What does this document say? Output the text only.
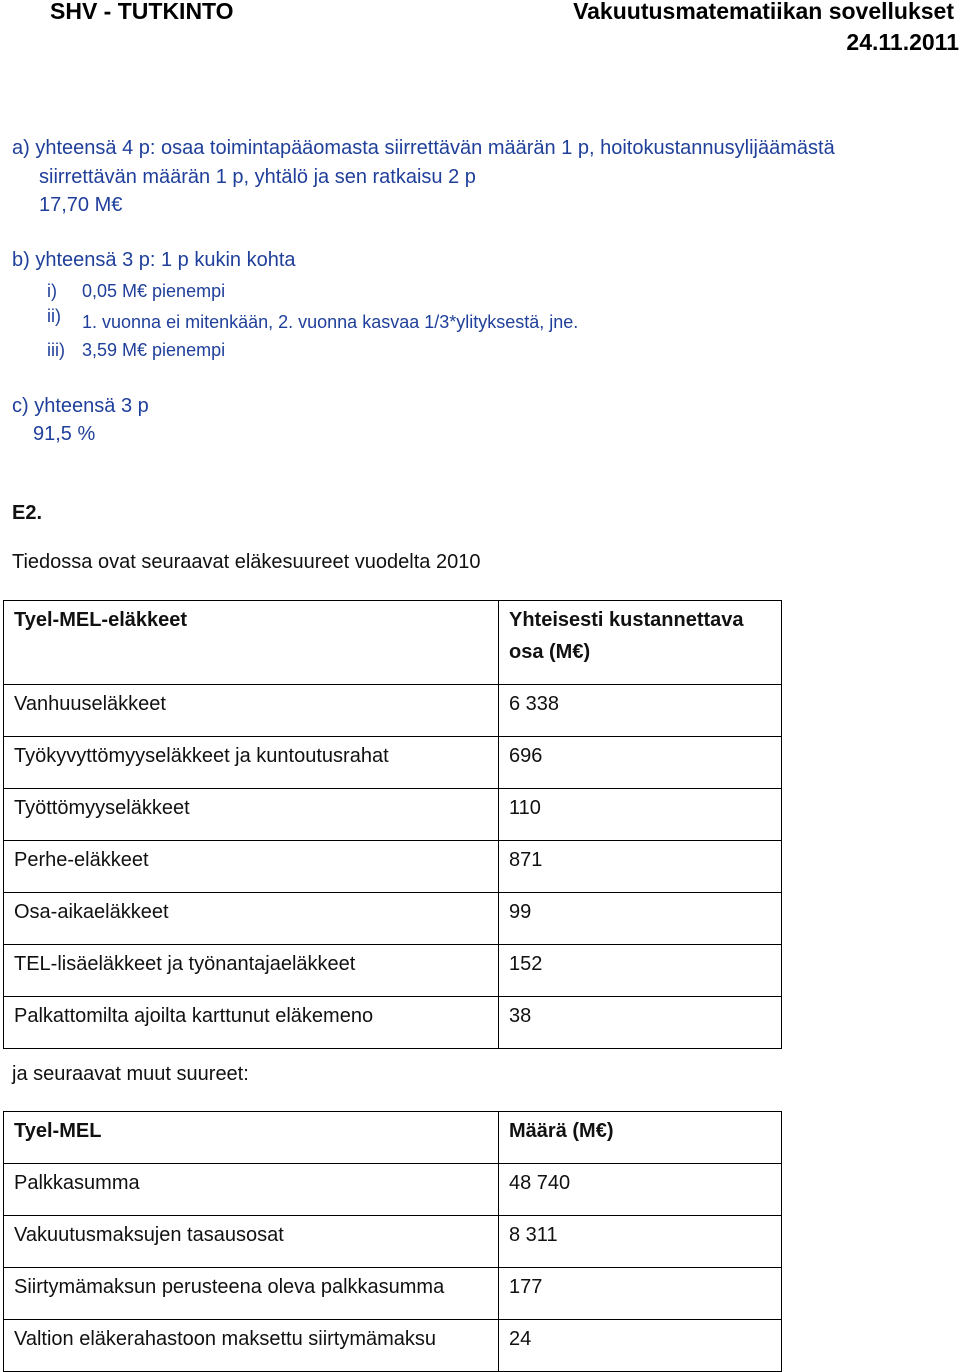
SHV - TUTKINTO	Vakuutusmatematiikan sovellukset
24.11.2011
a) yhteensä 4 p: osaa toimintapääomasta siirrettävän määrän 1 p, hoitokustannusylijäämästä
siirrettävän määrän 1 p, yhtälö ja sen ratkaisu 2 p
17,70 M€
b) yhteensä 3 p: 1 p kukin kohta
i) 0,05 M€ pienempi
ii) 1. vuonna ei mitenkään, 2. vuonna kasvaa 1/3*ylityksestä, jne.
iii) 3,59 M€ pienempi
c) yhteensä 3 p
91,5 %
E2.
Tiedossa ovat seuraavat eläkesuureet vuodelta 2010
Tyel-MEL-eläkkeet	Yhteisesti kustannettava
osa (M€)

Vanhuuseläkkeet	6 338

Työkyvyttömyyseläkkeet ja kuntoutusrahat	696

Työttömyyseläkkeet	110

Perhe-eläkkeet	871

Osa-aikaeläkkeet	99

TEL-lisäeläkkeet ja työnantajaeläkkeet	152

Palkattomilta ajoilta karttunut eläkemeno	38
ja seuraavat muut suureet:
Tyel-MEL	Määrä (M€)

Palkkasumma	48 740

Vakuutusmaksujen tasausosat	8 311

Siirtymämaksun perusteena oleva palkkasumma	177

Valtion eläkerahastoon maksettu siirtymämaksu	24
